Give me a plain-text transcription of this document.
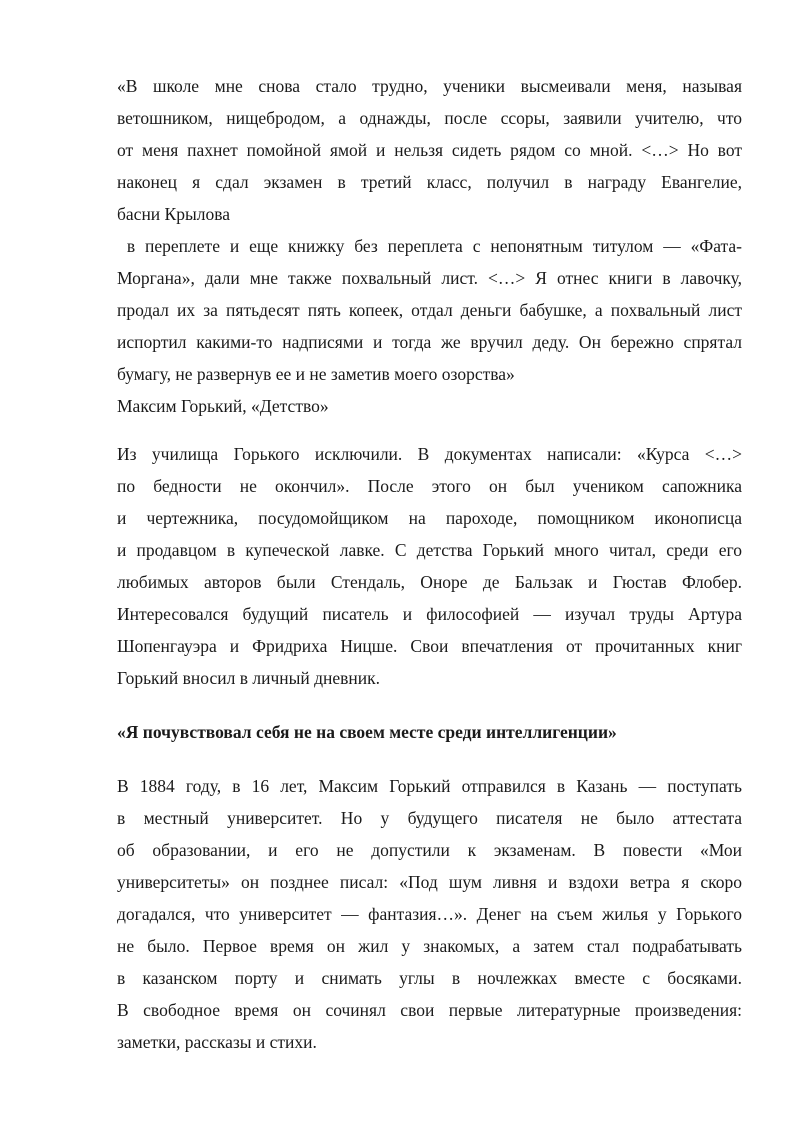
«В школе мне снова стало трудно, ученики высмеивали меня, называя
ветошником, нищебродом, а однажды, после ссоры, заявили учителю, что
от меня пахнет помойной ямой и нельзя сидеть рядом со мной. <…> Но вот
наконец я сдал экзамен в третий класс, получил в награду Евангелие,
басни Крылова
в переплете и еще книжку без переплета с непонятным титулом — «Фата-
Моргана», дали мне также похвальный лист. <…> Я отнес книги в лавочку,
продал их за пятьдесят пять копеек, отдал деньги бабушке, а похвальный лист
испортил какими-то надписями и тогда же вручил деду. Он бережно спрятал
бумагу, не развернув ее и не заметив моего озорства»
Максим Горький, «Детство»
Из училища Горького исключили. В документах написали: «Курса <…>
по бедности не окончил». После этого он был учеником сапожника
и чертежника, посудомойщиком на пароходе, помощником иконописца
и продавцом в купеческой лавке. С детства Горький много читал, среди его
любимых авторов были Стендаль, Оноре де Бальзак и Гюстав Флобер.
Интересовался будущий писатель и философией — изучал труды Артура
Шопенгауэра и Фридриха Ницше. Свои впечатления от прочитанных книг
Горький вносил в личный дневник.
«Я почувствовал себя не на своем месте среди интеллигенции»
В 1884 году, в 16 лет, Максим Горький отправился в Казань — поступать
в местный университет. Но у будущего писателя не было аттестата
об образовании, и его не допустили к экзаменам. В повести «Мои
университеты» он позднее писал: «Под шум ливня и вздохи ветра я скоро
догадался, что университет — фантазия…». Денег на съем жилья у Горького
не было. Первое время он жил у знакомых, а затем стал подрабатывать
в казанском порту и снимать углы в ночлежках вместе с босяками.
В свободное время он сочинял свои первые литературные произведения:
заметки, рассказы и стихи.
